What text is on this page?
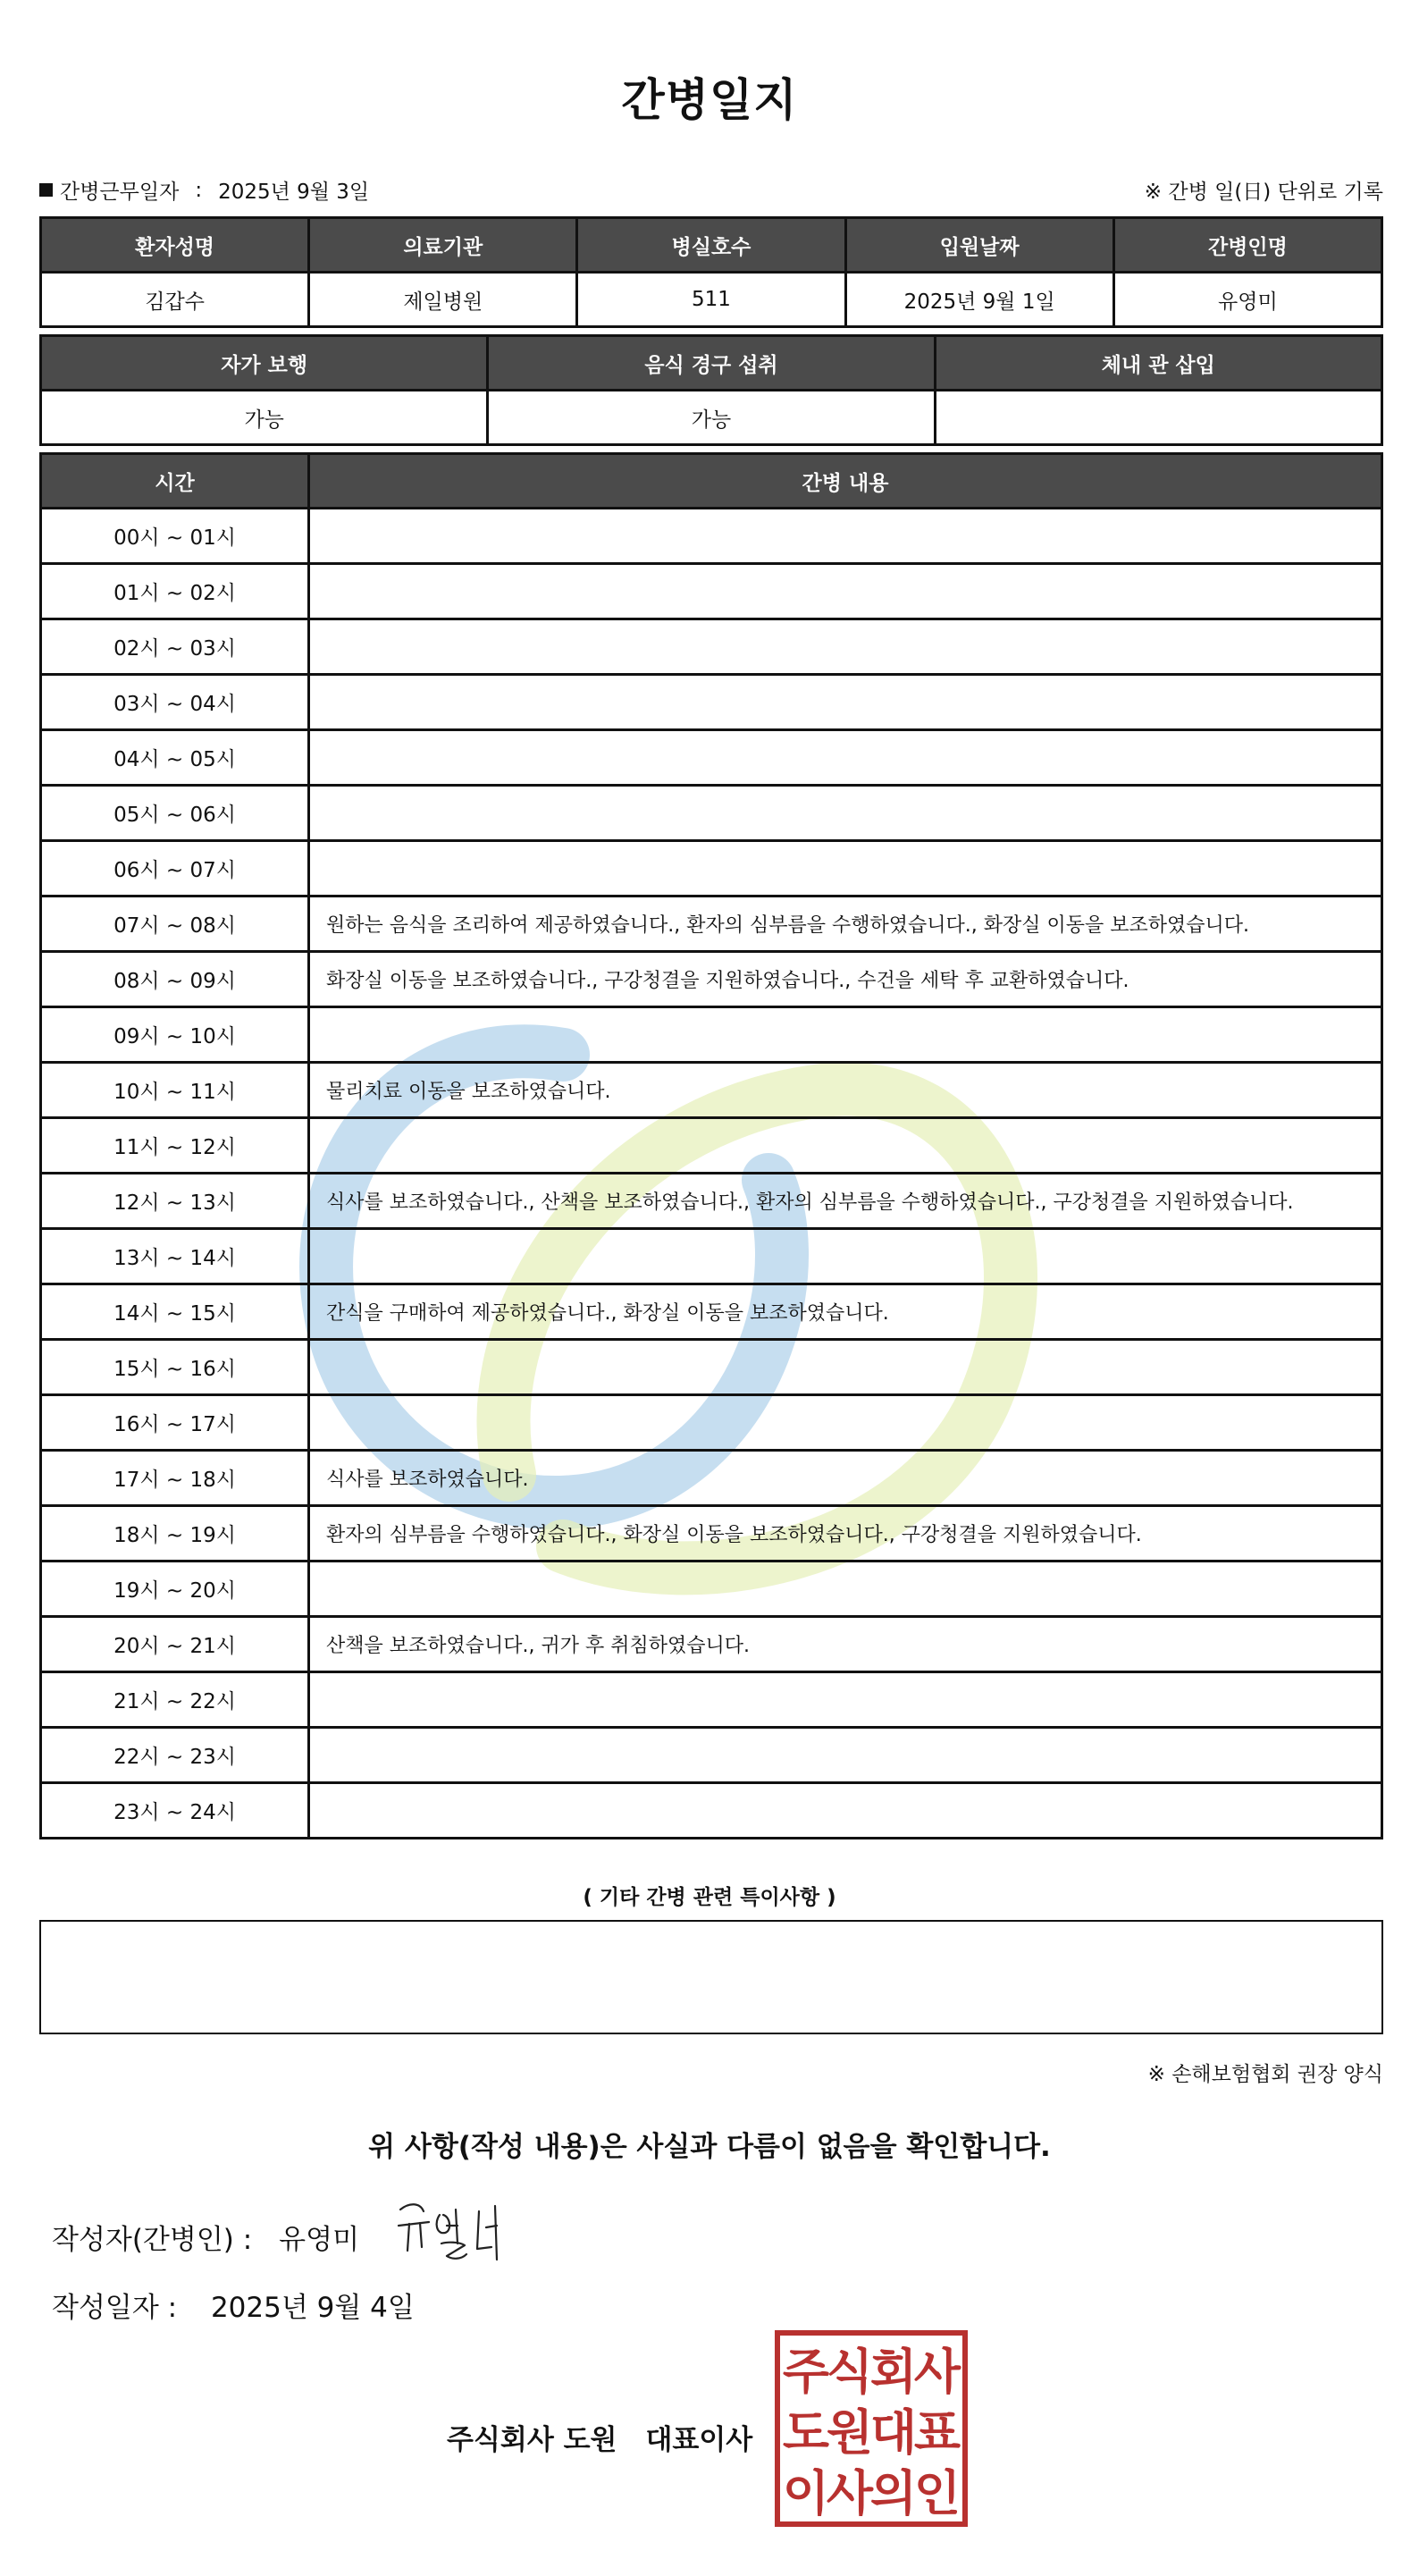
간병일지
간병근무일자 : 2025년 9월 3일	※ 간병 일(日) 단위로 기록
환자성명	의료기관	병실호수	입원날짜	간병인명
김갑수	제일병원	511	2025년 9월 1일	유영미
자가 보행	음식 경구 섭취	체내 관 삽입
가능	가능	
시간	간병 내용
00시 ~ 01시	
01시 ~ 02시	
02시 ~ 03시	
03시 ~ 04시	
04시 ~ 05시	
05시 ~ 06시	
06시 ~ 07시	
07시 ~ 08시	원하는 음식을 조리하여 제공하였습니다., 환자의 심부름을 수행하였습니다., 화장실 이동을 보조하였습니다.
08시 ~ 09시	화장실 이동을 보조하였습니다., 구강청결을 지원하였습니다., 수건을 세탁 후 교환하였습니다.
09시 ~ 10시	
10시 ~ 11시	물리치료 이동을 보조하였습니다.
11시 ~ 12시	
12시 ~ 13시	식사를 보조하였습니다., 산책을 보조하였습니다., 환자의 심부름을 수행하였습니다., 구강청결을 지원하였습니다.
13시 ~ 14시	
14시 ~ 15시	간식을 구매하여 제공하였습니다., 화장실 이동을 보조하였습니다.
15시 ~ 16시	
16시 ~ 17시	
17시 ~ 18시	식사를 보조하였습니다.
18시 ~ 19시	환자의 심부름을 수행하였습니다., 화장실 이동을 보조하였습니다., 구강청결을 지원하였습니다.
19시 ~ 20시	
20시 ~ 21시	산책을 보조하였습니다., 귀가 후 취침하였습니다.
21시 ~ 22시	
22시 ~ 23시	
23시 ~ 24시	
( 기타 간병 관련 특이사항 )
※ 손해보험협회 권장 양식
위 사항(작성 내용)은 사실과 다름이 없음을 확인합니다.
작성자(간병인) : 유영미
작성일자 : 2025년 9월 4일
주식회사 도원 대표이사
주
식
회
사
도
원
대
표
이
사
의
인
